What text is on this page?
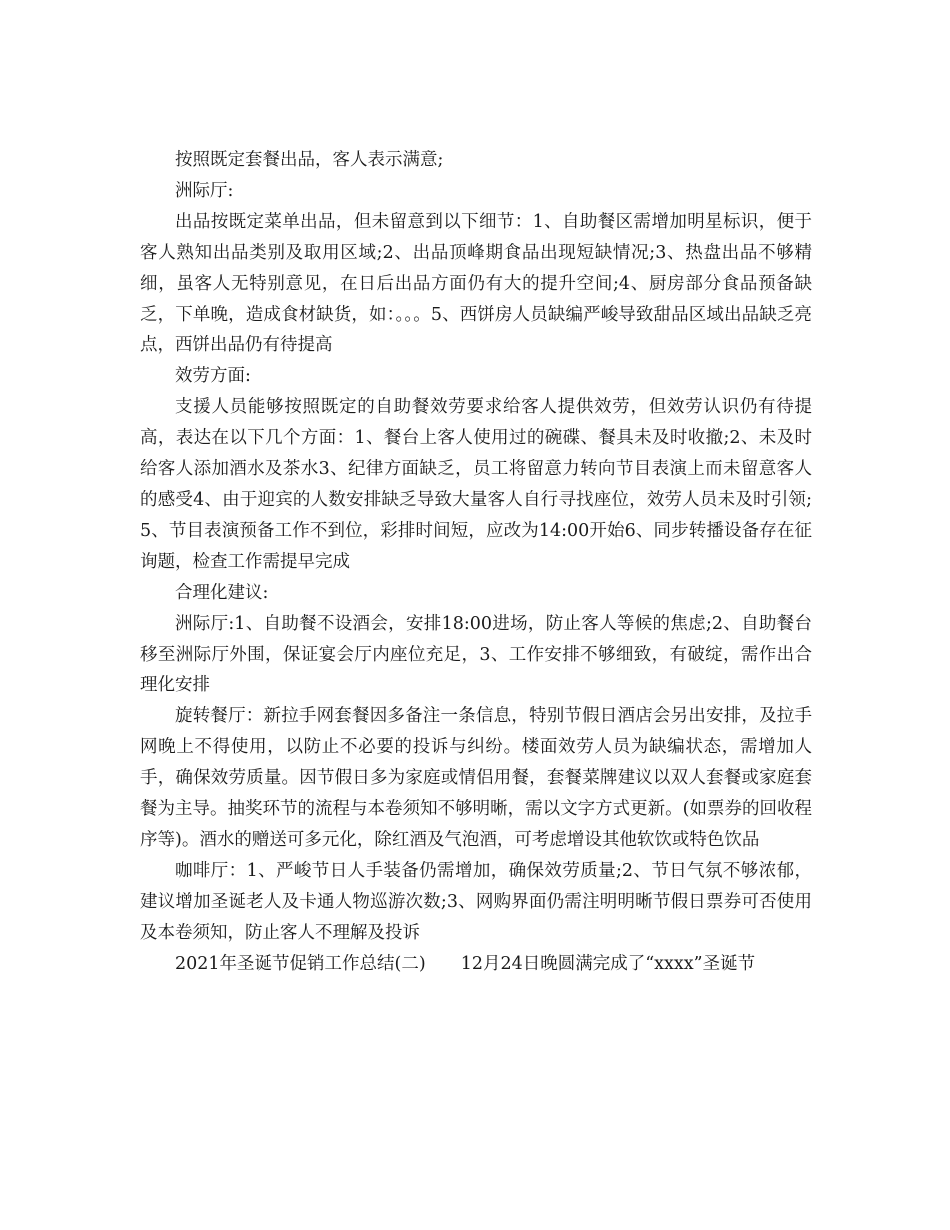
按照既定套餐出品，客人表示满意;

洲际厅:

出品按既定菜单出品，但未留意到以下细节：1、自助餐区需增加明星标识，便于客人熟知出品类别及取用区域;2、出品顶峰期食品出现短缺情况;3、热盘出品不够精细，虽客人无特别意见，在日后出品方面仍有大的提升空间;4、厨房部分食品预备缺乏，下单晚，造成食材缺货，如：。。。5、西饼房人员缺编严峻导致甜品区域出品缺乏亮点，西饼出品仍有待提高

效劳方面:

支援人员能够按照既定的自助餐效劳要求给客人提供效劳，但效劳认识仍有待提高，表达在以下几个方面：1、餐台上客人使用过的碗碟、餐具未及时收撤;2、未及时给客人添加酒水及茶水3、纪律方面缺乏，员工将留意力转向节目表演上而未留意客人的感受4、由于迎宾的人数安排缺乏导致大量客人自行寻找座位，效劳人员未及时引领;5、节目表演预备工作不到位，彩排时间短，应改为14:00开始6、同步转播设备存在征询题，检查工作需提早完成

合理化建议:

洲际厅:1、自助餐不设酒会，安排18:00进场，防止客人等候的焦虑;2、自助餐台移至洲际厅外围，保证宴会厅内座位充足，3、工作安排不够细致，有破绽，需作出合理化安排

旋转餐厅：新拉手网套餐因多备注一条信息，特别节假日酒店会另出安排，及拉手网晚上不得使用，以防止不必要的投诉与纠纷。楼面效劳人员为缺编状态，需增加人手，确保效劳质量。因节假日多为家庭或情侣用餐，套餐菜牌建议以双人套餐或家庭套餐为主导。抽奖环节的流程与本卷须知不够明晰，需以文字方式更新。(如票券的回收程序等)。酒水的赠送可多元化，除红酒及气泡酒，可考虑增设其他软饮或特色饮品

咖啡厅：1、严峻节日人手装备仍需增加，确保效劳质量;2、节日气氛不够浓郁，建议增加圣诞老人及卡通人物巡游次数;3、网购界面仍需注明明晰节假日票券可否使用及本卷须知，防止客人不理解及投诉

2021年圣诞节促销工作总结(二)　　12月24日晚圆满完成了“xxxx”圣诞节
